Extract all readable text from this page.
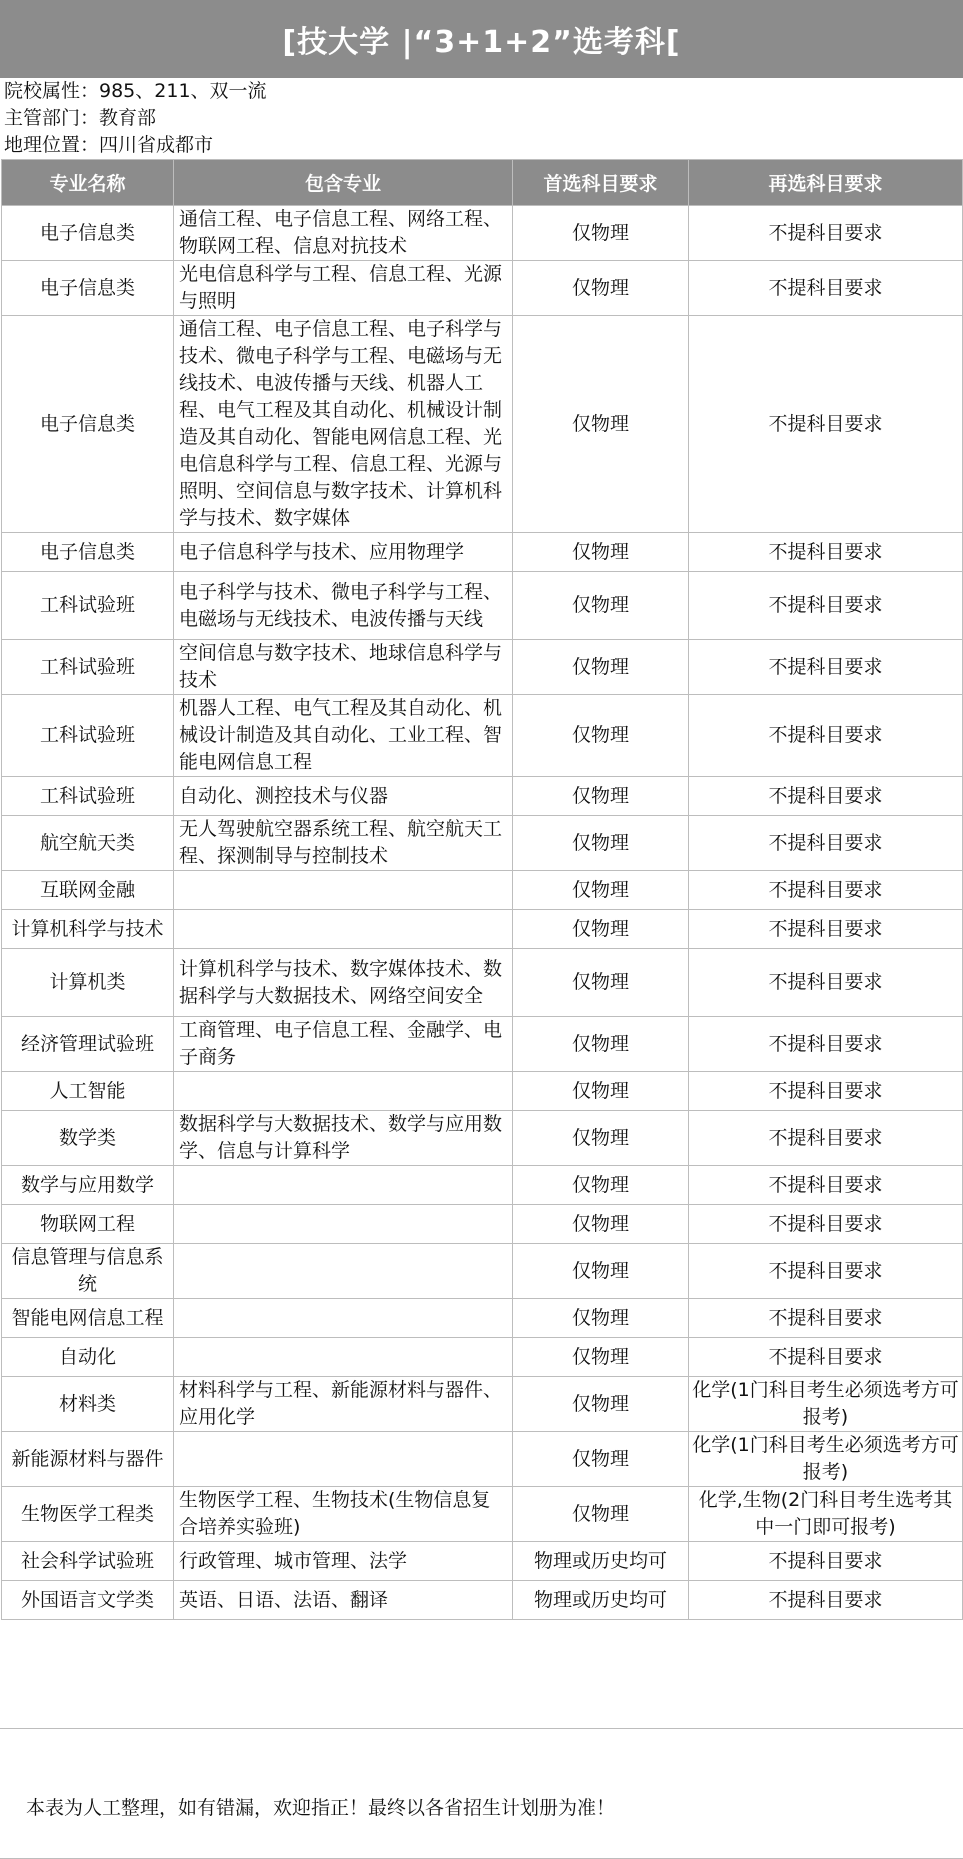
[技大学 |“3+1+2”选考科[
院校属性：985、211、双一流
主管部门：教育部
地理位置：四川省成都市
专业名称	包含专业	首选科目要求	再选科目要求
电子信息类	通信工程、电子信息工程、网络工程、物联网工程、信息对抗技术	仅物理	不提科目要求
电子信息类	光电信息科学与工程、信息工程、光源与照明	仅物理	不提科目要求
电子信息类	通信工程、电子信息工程、电子科学与技术、微电子科学与工程、电磁场与无线技术、电波传播与天线、机器人工程、电气工程及其自动化、机械设计制造及其自动化、智能电网信息工程、光电信息科学与工程、信息工程、光源与照明、空间信息与数字技术、计算机科学与技术、数字媒体	仅物理	不提科目要求
电子信息类	电子信息科学与技术、应用物理学	仅物理	不提科目要求
工科试验班	电子科学与技术、微电子科学与工程、电磁场与无线技术、电波传播与天线	仅物理	不提科目要求
工科试验班	空间信息与数字技术、地球信息科学与技术	仅物理	不提科目要求
工科试验班	机器人工程、电气工程及其自动化、机械设计制造及其自动化、工业工程、智能电网信息工程	仅物理	不提科目要求
工科试验班	自动化、测控技术与仪器	仅物理	不提科目要求
航空航天类	无人驾驶航空器系统工程、航空航天工程、探测制导与控制技术	仅物理	不提科目要求
互联网金融		仅物理	不提科目要求
计算机科学与技术		仅物理	不提科目要求
计算机类	计算机科学与技术、数字媒体技术、数据科学与大数据技术、网络空间安全	仅物理	不提科目要求
经济管理试验班	工商管理、电子信息工程、金融学、电子商务	仅物理	不提科目要求
人工智能		仅物理	不提科目要求
数学类	数据科学与大数据技术、数学与应用数学、信息与计算科学	仅物理	不提科目要求
数学与应用数学		仅物理	不提科目要求
物联网工程		仅物理	不提科目要求
信息管理与信息系统		仅物理	不提科目要求
智能电网信息工程		仅物理	不提科目要求
自动化		仅物理	不提科目要求
材料类	材料科学与工程、新能源材料与器件、应用化学	仅物理	化学(1门科目考生必须选考方可报考)
新能源材料与器件		仅物理	化学(1门科目考生必须选考方可报考)
生物医学工程类	生物医学工程、生物技术(生物信息复合培养实验班)	仅物理	化学,生物(2门科目考生选考其中一门即可报考)
社会科学试验班	行政管理、城市管理、法学	物理或历史均可	不提科目要求
外国语言文学类	英语、日语、法语、翻译	物理或历史均可	不提科目要求
本表为人工整理，如有错漏，欢迎指正！最终以各省招生计划册为准！
